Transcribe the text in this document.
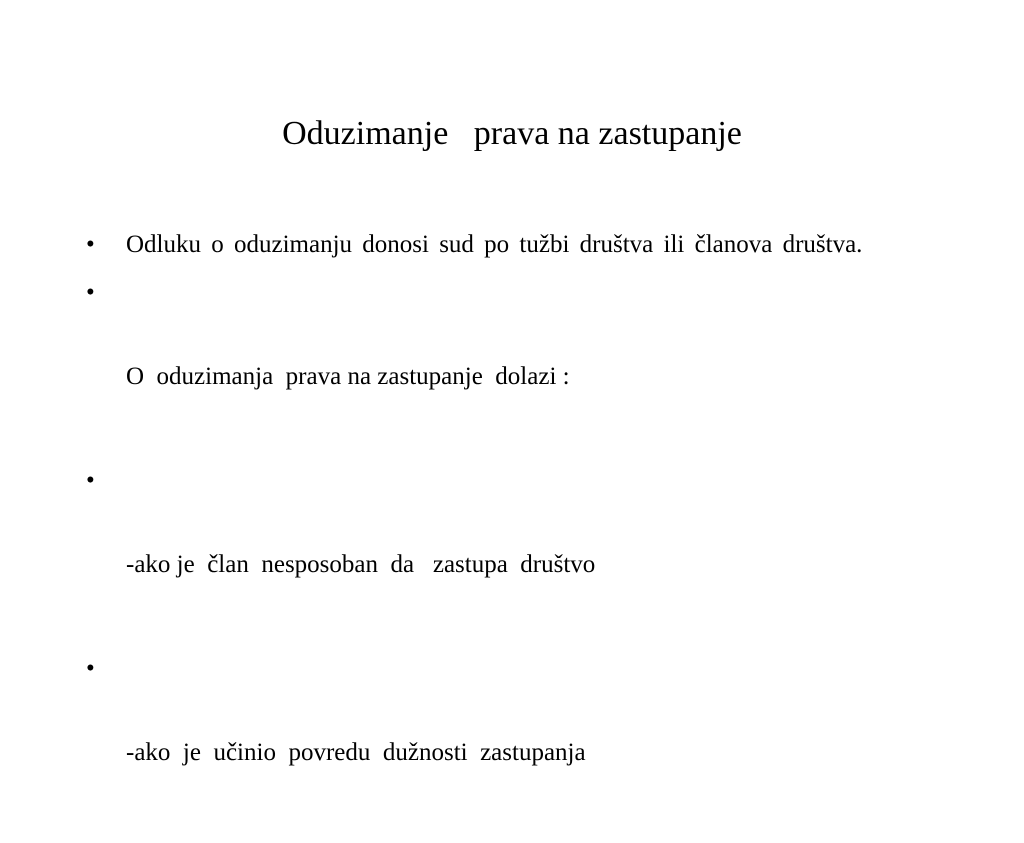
Oduzimanje   prava na zastupanje
•	Odluku o oduzimanju donosi sud po tužbi društva ili članova društva.

•

O  oduzimanja  prava na zastupanje  dolazi :

•

-ako je  član  nesposoban  da   zastupa  društvo

•

-ako  je  učinio  povredu  dužnosti  zastupanja
